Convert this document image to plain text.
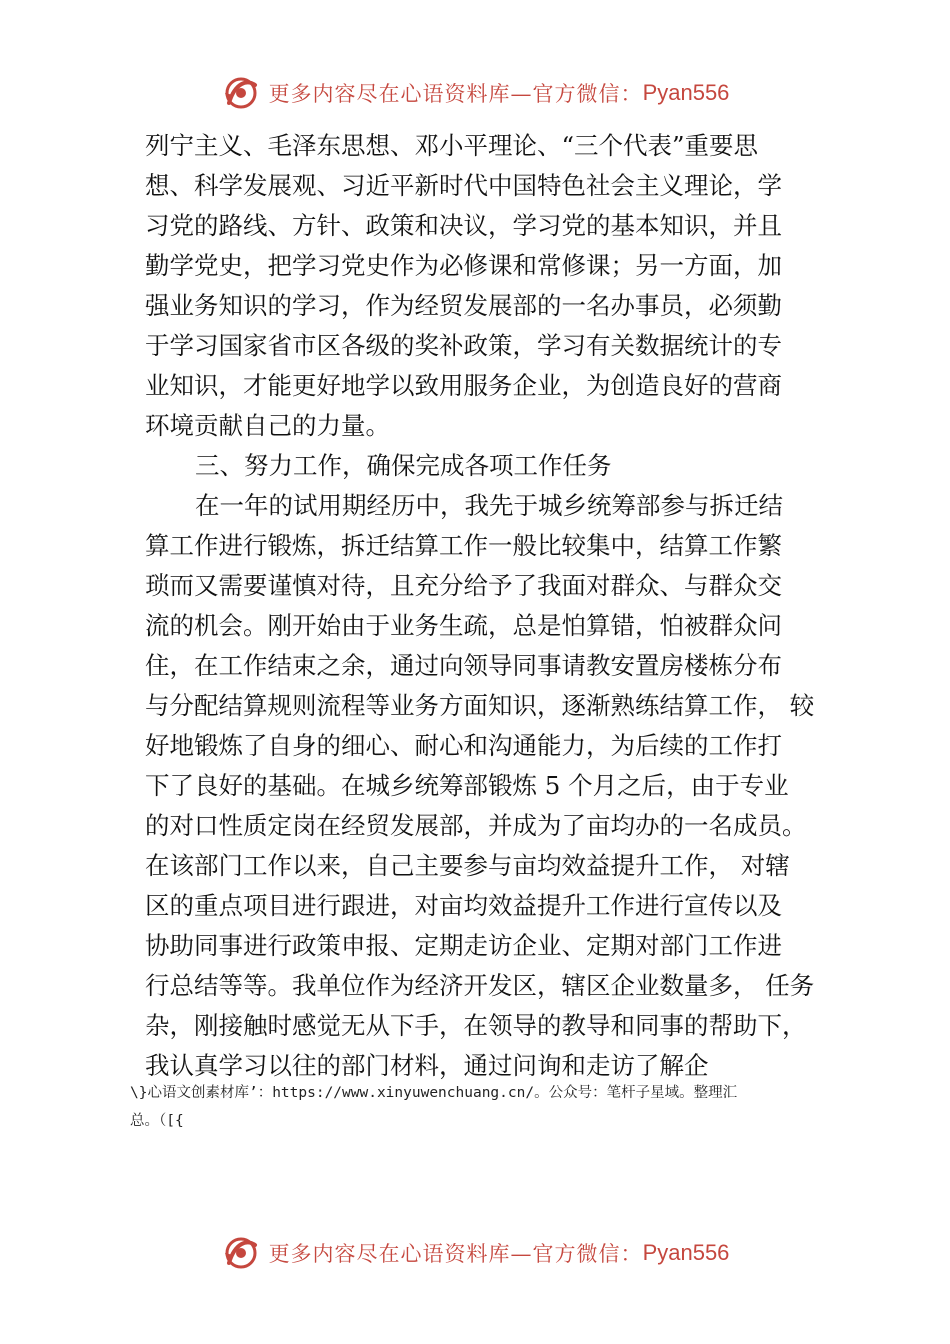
更多内容尽在心语资料库—官方微信： Pyan556
列宁主义、毛泽东思想、邓小平理论、“三个代表”重要思
想、科学发展观、习近平新时代中国特色社会主义理论，学
习党的路线、方针、政策和决议，学习党的基本知识，并且
勤学党史，把学习党史作为必修课和常修课；另一方面，加
强业务知识的学习，作为经贸发展部的一名办事员，必须勤
于学习国家省市区各级的奖补政策，学习有关数据统计的专
业知识，才能更好地学以致用服务企业，为创造良好的营商
环境贡献自己的力量。
三、努力工作，确保完成各项工作任务
在一年的试用期经历中，我先于城乡统筹部参与拆迁结
算工作进行锻炼，拆迁结算工作一般比较集中，结算工作繁
琐而又需要谨慎对待，且充分给予了我面对群众、与群众交
流的机会。刚开始由于业务生疏，总是怕算错，怕被群众问
住，在工作结束之余，通过向领导同事请教安置房楼栋分布
与分配结算规则流程等业务方面知识，逐渐熟练结算工作， 较
好地锻炼了自身的细心、耐心和沟通能力，为后续的工作打
下了良好的基础。在城乡统筹部锻炼 5 个月之后，由于专业
的对口性质定岗在经贸发展部，并成为了亩均办的一名成员。
在该部门工作以来，自己主要参与亩均效益提升工作， 对辖
区的重点项目进行跟进，对亩均效益提升工作进行宣传以及
协助同事进行政策申报、定期走访企业、定期对部门工作进
行总结等等。我单位作为经济开发区，辖区企业数量多， 任务
杂，刚接触时感觉无从下手，在领导的教导和同事的帮助下，
我认真学习以往的部门材料，通过问询和走访了解企
\}心语文创素材库’：https://www.xinyuwenchuang.cn/。公众号：笔杆子星域。整理汇
总。（[{
更多内容尽在心语资料库—官方微信： Pyan556
